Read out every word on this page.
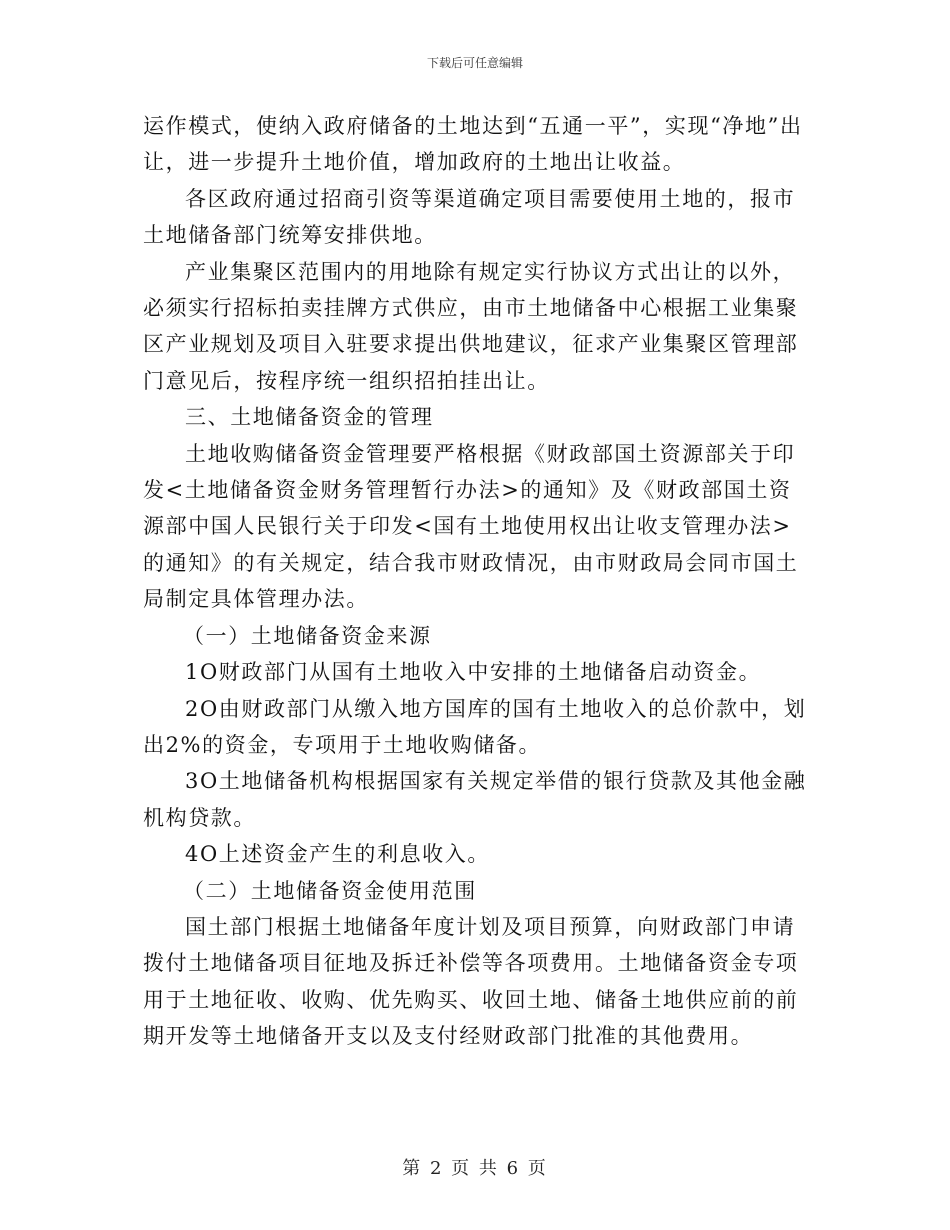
下载后可任意编辑

运作模式，使纳入政府储备的土地达到“五通一平”，实现“净地”出让，进一步提升土地价值，增加政府的土地出让收益。

各区政府通过招商引资等渠道确定项目需要使用土地的，报市土地储备部门统筹安排供地。

产业集聚区范围内的用地除有规定实行协议方式出让的以外，必须实行招标拍卖挂牌方式供应，由市土地储备中心根据工业集聚区产业规划及项目入驻要求提出供地建议，征求产业集聚区管理部门意见后，按程序统一组织招拍挂出让。

三、土地储备资金的管理

土地收购储备资金管理要严格根据《财政部国土资源部关于印发<土地储备资金财务管理暂行办法>的通知》及《财政部国土资源部中国人民银行关于印发<国有土地使用权出让收支管理办法>的通知》的有关规定，结合我市财政情况，由市财政局会同市国土局制定具体管理办法。

（一）土地储备资金来源

1O财政部门从国有土地收入中安排的土地储备启动资金。

2O由财政部门从缴入地方国库的国有土地收入的总价款中，划出2%的资金，专项用于土地收购储备。

3O土地储备机构根据国家有关规定举借的银行贷款及其他金融机构贷款。

4O上述资金产生的利息收入。

（二）土地储备资金使用范围

国土部门根据土地储备年度计划及项目预算，向财政部门申请拨付土地储备项目征地及拆迁补偿等各项费用。土地储备资金专项用于土地征收、收购、优先购买、收回土地、储备土地供应前的前期开发等土地储备开支以及支付经财政部门批准的其他费用。

第 2 页 共 6 页
